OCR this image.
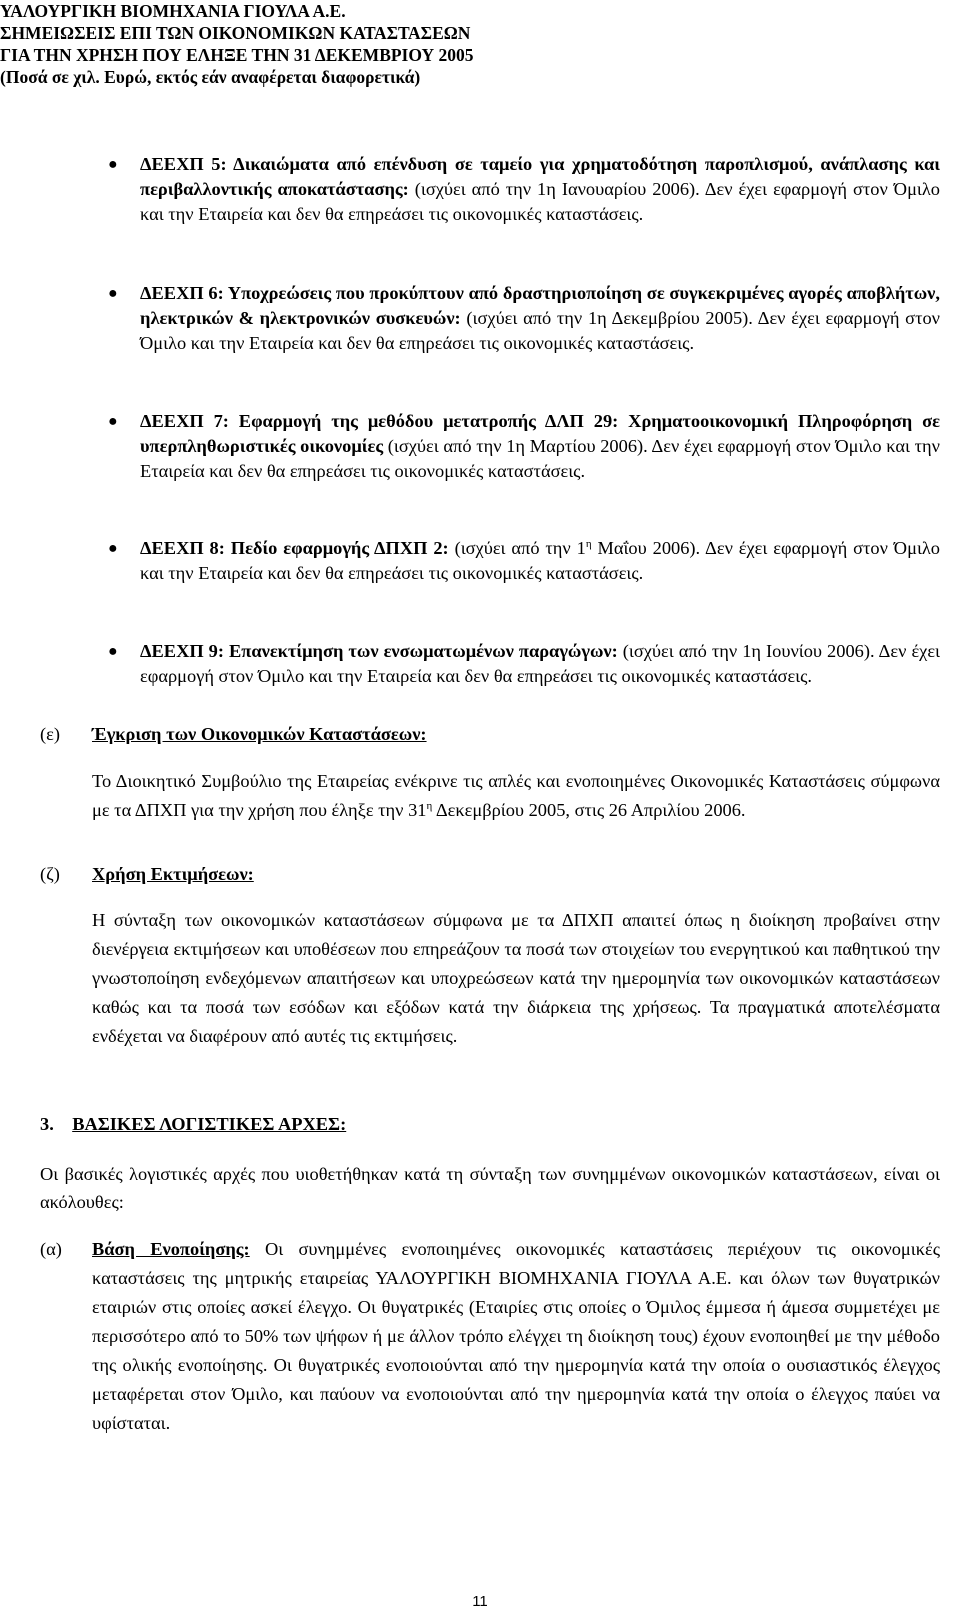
ΥΑΛΟΥΡΓΙΚΗ ΒΙΟΜΗΧΑΝΙΑ ΓΙΟΥΛΑ Α.Ε.
ΣΗΜΕΙΩΣΕΙΣ ΕΠΙ ΤΩΝ ΟΙΚΟΝΟΜΙΚΩΝ ΚΑΤΑΣΤΑΣΕΩΝ
ΓΙΑ ΤΗΝ ΧΡΗΣΗ ΠΟΥ ΕΛΗΞΕ ΤΗΝ 31 ΔΕΚΕΜΒΡΙΟΥ 2005
(Ποσά σε χιλ. Ευρώ, εκτός εάν αναφέρεται διαφορετικά)
● ΔΕΕΧΠ 5: Δικαιώματα από επένδυση σε ταμείο για χρηματοδότηση παροπλισμού, ανάπλασης και περιβαλλοντικής αποκατάστασης: (ισχύει από την 1η Ιανουαρίου 2006). Δεν έχει εφαρμογή στον Όμιλο και την Εταιρεία και δεν θα επηρεάσει τις οικονομικές καταστάσεις.

● ΔΕΕΧΠ 6: Υποχρεώσεις που προκύπτουν από δραστηριοποίηση σε συγκεκριμένες αγορές αποβλήτων, ηλεκτρικών & ηλεκτρονικών συσκευών: (ισχύει από την 1η Δεκεμβρίου 2005). Δεν έχει εφαρμογή στον Όμιλο και την Εταιρεία και δεν θα επηρεάσει τις οικονομικές καταστάσεις.

● ΔΕΕΧΠ 7: Εφαρμογή της μεθόδου μετατροπής ΔΛΠ 29: Χρηματοοικονομική Πληροφόρηση σε υπερπληθωριστικές οικονομίες (ισχύει από την 1η Μαρτίου 2006). Δεν έχει εφαρμογή στον Όμιλο και την Εταιρεία και δεν θα επηρεάσει τις οικονομικές καταστάσεις.

● ΔΕΕΧΠ 8: Πεδίο εφαρμογής ΔΠΧΠ 2: (ισχύει από την $1^\eta$ Μαΐου 2006). Δεν έχει εφαρμογή στον Όμιλο και την Εταιρεία και δεν θα επηρεάσει τις οικονομικές καταστάσεις.

● ΔΕΕΧΠ 9: Επανεκτίμηση των ενσωματωμένων παραγώγων: (ισχύει από την 1η Ιουνίου 2006). Δεν έχει εφαρμογή στον Όμιλο και την Εταιρεία και δεν θα επηρεάσει τις οικονομικές καταστάσεις.

(ε) Έγκριση των Οικονομικών Καταστάσεων:
Το Διοικητικό Συμβούλιο της Εταιρείας ενέκρινε τις απλές και ενοποιημένες Οικονομικές Καταστάσεις σύμφωνα με τα ΔΠΧΠ για την χρήση που έληξε την $31^\eta$ Δεκεμβρίου 2005, στις 26 Απριλίου 2006.
(ζ) Χρήση Εκτιμήσεων:
Η σύνταξη των οικονομικών καταστάσεων σύμφωνα με τα ΔΠΧΠ απαιτεί όπως η διοίκηση προβαίνει στην διενέργεια εκτιμήσεων και υποθέσεων που επηρεάζουν τα ποσά των στοιχείων του ενεργητικού και παθητικού την γνωστοποίηση ενδεχόμενων απαιτήσεων και υποχρεώσεων κατά την ημερομηνία των οικονομικών καταστάσεων καθώς και τα ποσά των εσόδων και εξόδων κατά την διάρκεια της χρήσεως. Τα πραγματικά αποτελέσματα ενδέχεται να διαφέρουν από αυτές τις εκτιμήσεις.
3. ΒΑΣΙΚΕΣ ΛΟΓΙΣΤΙΚΕΣ ΑΡΧΕΣ:
Οι βασικές λογιστικές αρχές που υιοθετήθηκαν κατά τη σύνταξη των συνημμένων οικονομικών καταστάσεων, είναι οι ακόλουθες:
(α) Βάση Ενοποίησης: Οι συνημμένες ενοποιημένες οικονομικές καταστάσεις περιέχουν τις οικονομικές καταστάσεις της μητρικής εταιρείας ΥΑΛΟΥΡΓΙΚΗ ΒΙΟΜΗΧΑΝΙΑ ΓΙΟΥΛΑ Α.Ε. και όλων των θυγατρικών εταιριών στις οποίες ασκεί έλεγχο. Οι θυγατρικές (Εταιρίες στις οποίες ο Όμιλος έμμεσα ή άμεσα συμμετέχει με περισσότερο από το 50% των ψήφων ή με άλλον τρόπο ελέγχει τη διοίκηση τους) έχουν ενοποιηθεί με την μέθοδο της ολικής ενοποίησης. Οι θυγατρικές ενοποιούνται από την ημερομηνία κατά την οποία ο ουσιαστικός έλεγχος μεταφέρεται στον Όμιλο, και παύουν να ενοποιούνται από την ημερομηνία κατά την οποία ο έλεγχος παύει να υφίσταται.
11
